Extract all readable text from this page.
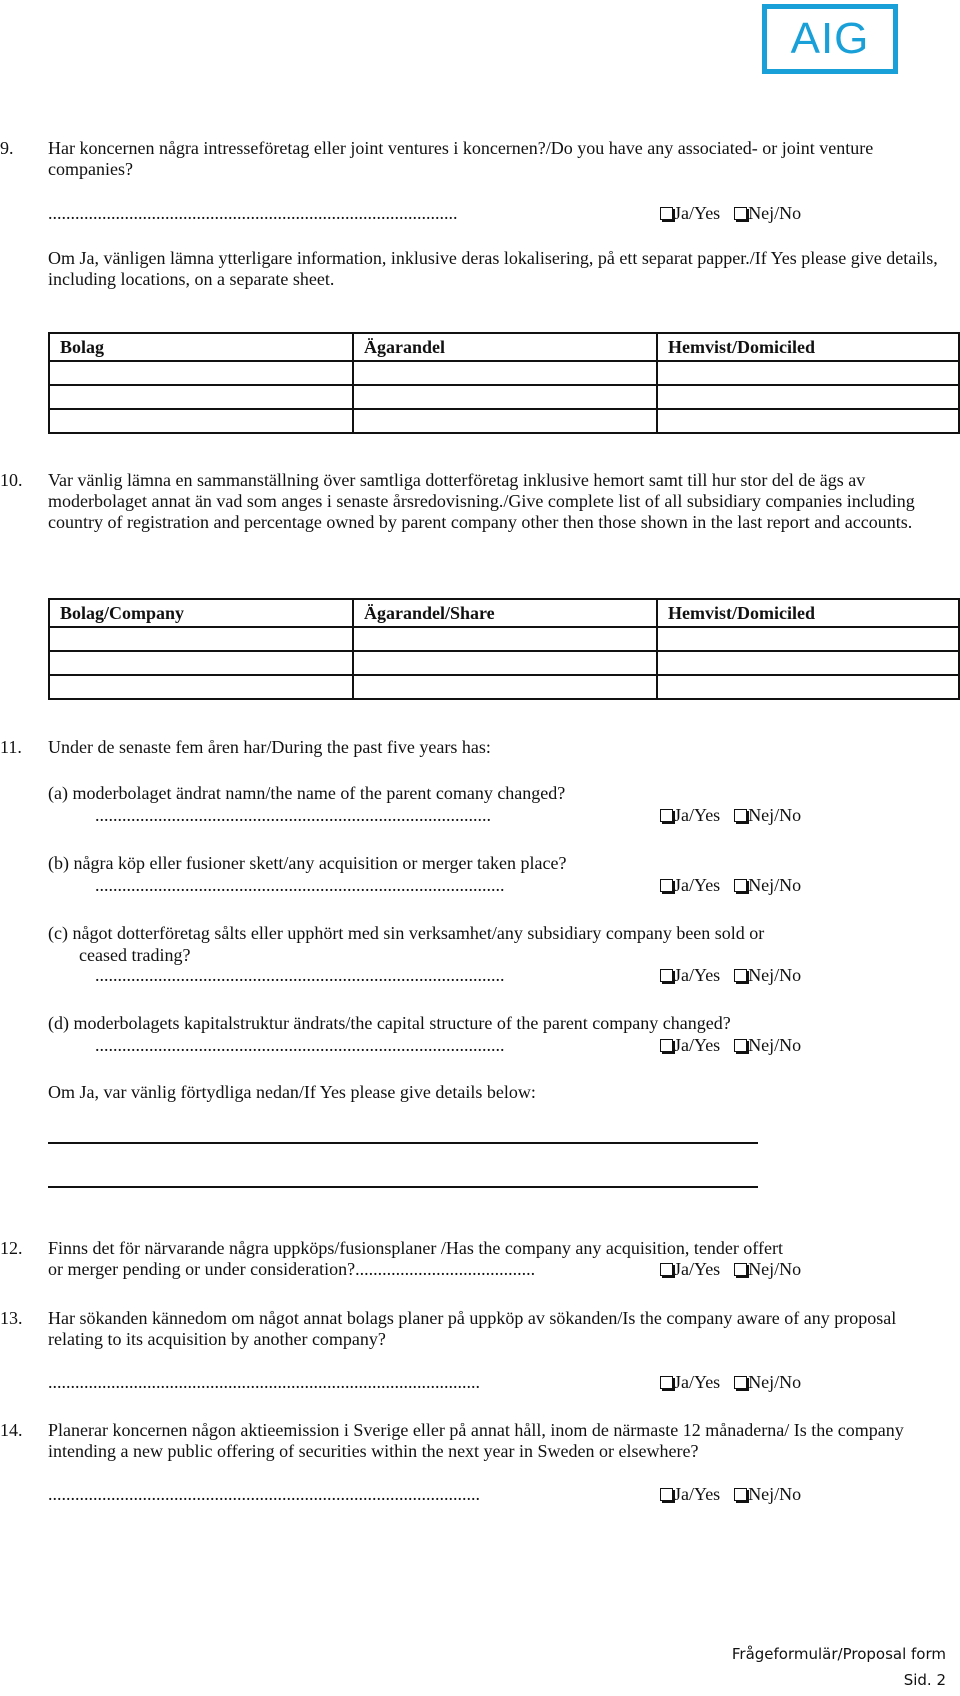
AIG
9. Har koncernen några intresseföretag eller joint ventures i koncernen?/Do you have any associated- or joint venture companies?
...........................................................................................	Ja/Yes Nej/No
Om Ja, vänligen lämna ytterligare information, inklusive deras lokalisering, på ett separat papper./If Yes please give details, including locations, on a separate sheet.
Bolag	Ägarandel	Hemvist/Domiciled

10. Var vänlig lämna en sammanställning över samtliga dotterföretag inklusive hemort samt till hur stor del de ägs av moderbolaget annat än vad som anges i senaste årsredovisning./Give complete list of all subsidiary companies including country of registration and percentage owned by parent company other then those shown in the last report and accounts.
Bolag/Company	Ägarandel/Share	Hemvist/Domiciled

11. Under de senaste fem åren har/During the past five years has:
(a) moderbolaget ändrat namn/the name of the parent comany changed?
........................................................................................	Ja/Yes Nej/No
(b) några köp eller fusioner skett/any acquisition or merger taken place?
...........................................................................................	Ja/Yes Nej/No
(c) något dotterföretag sålts eller upphört med sin verksamhet/any subsidiary company been sold or
ceased trading?
...........................................................................................	Ja/Yes Nej/No
(d) moderbolagets kapitalstruktur ändrats/the capital structure of the parent company changed?
...........................................................................................	Ja/Yes Nej/No
Om Ja, var vänlig förtydliga nedan/If Yes please give details below:
12. Finns det för närvarande några uppköps/fusionsplaner /Has the company any acquisition, tender offert
or merger pending or under consideration?........................................	Ja/Yes Nej/No
13. Har sökanden kännedom om något annat bolags planer på uppköp av sökanden/Is the company aware of any proposal relating to its acquisition by another company?
................................................................................................	Ja/Yes Nej/No
14. Planerar koncernen någon aktieemission i Sverige eller på annat håll, inom de närmaste 12 månaderna/ Is the company intending a new public offering of securities within the next year in Sweden or elsewhere?
................................................................................................	Ja/Yes Nej/No
Frågeformulär/Proposal form
Sid. 2
